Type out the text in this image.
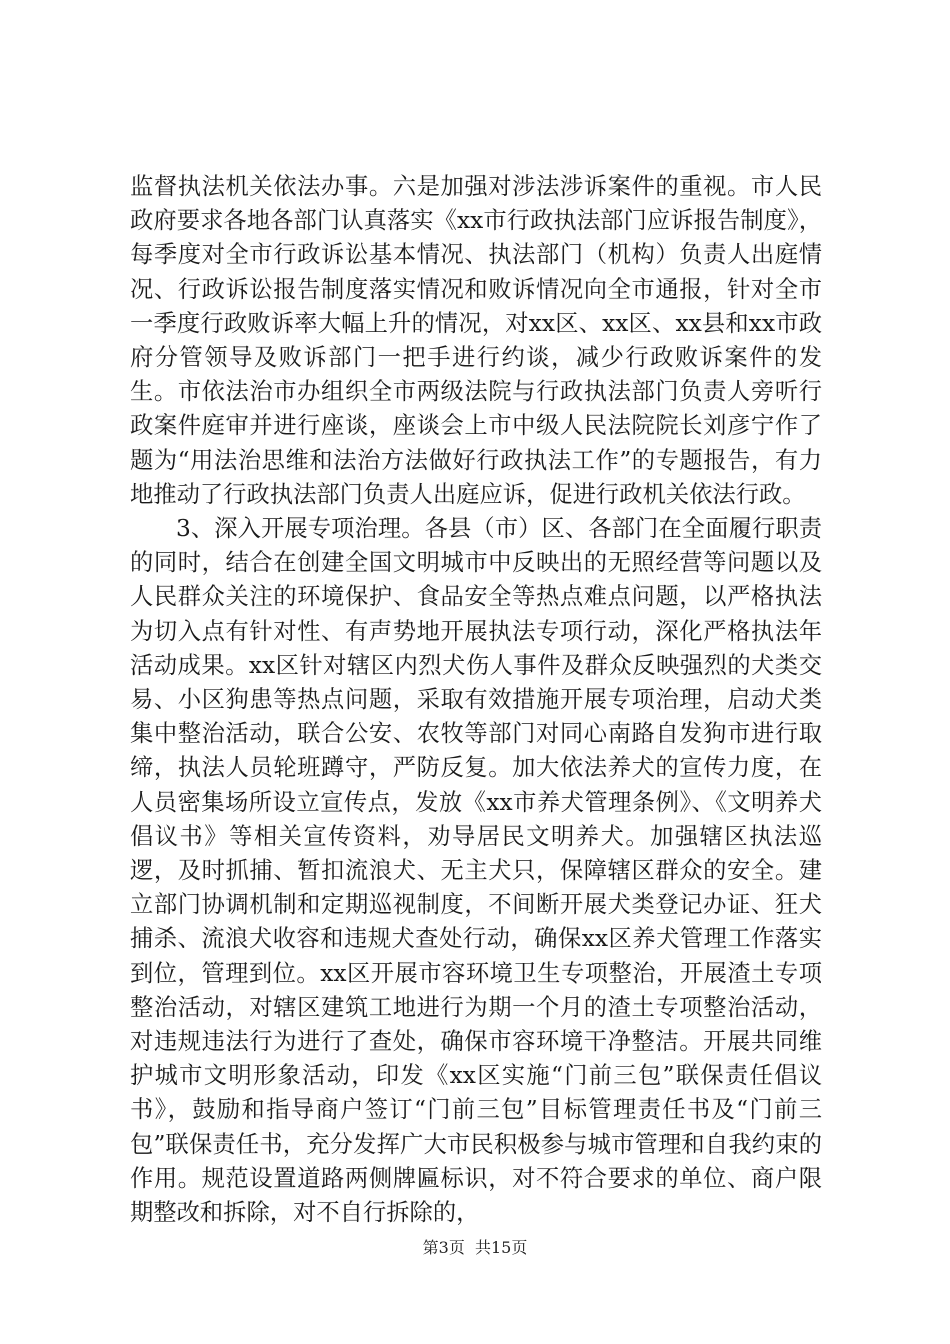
监督执法机关依法办事。六是加强对涉法涉诉案件的重视。市人民政府要求各地各部门认真落实《xx市行政执法部门应诉报告制度》，每季度对全市行政诉讼基本情况、执法部门（机构）负责人出庭情况、行政诉讼报告制度落实情况和败诉情况向全市通报，针对全市一季度行政败诉率大幅上升的情况，对xx区、xx区、xx县和xx市政府分管领导及败诉部门一把手进行约谈，减少行政败诉案件的发生。市依法治市办组织全市两级法院与行政执法部门负责人旁听行政案件庭审并进行座谈，座谈会上市中级人民法院院长刘彦宁作了题为“用法治思维和法治方法做好行政执法工作”的专题报告，有力地推动了行政执法部门负责人出庭应诉，促进行政机关依法行政。

3、深入开展专项治理。各县（市）区、各部门在全面履行职责的同时，结合在创建全国文明城市中反映出的无照经营等问题以及人民群众关注的环境保护、食品安全等热点难点问题，以严格执法为切入点有针对性、有声势地开展执法专项行动，深化严格执法年活动成果。xx区针对辖区内烈犬伤人事件及群众反映强烈的犬类交易、小区狗患等热点问题，采取有效措施开展专项治理，启动犬类集中整治活动，联合公安、农牧等部门对同心南路自发狗市进行取缔，执法人员轮班蹲守，严防反复。加大依法养犬的宣传力度，在人员密集场所设立宣传点，发放《xx市养犬管理条例》、《文明养犬倡议书》等相关宣传资料，劝导居民文明养犬。加强辖区执法巡逻，及时抓捕、暂扣流浪犬、无主犬只，保障辖区群众的安全。建立部门协调机制和定期巡视制度，不间断开展犬类登记办证、狂犬捕杀、流浪犬收容和违规犬查处行动，确保xx区养犬管理工作落实到位，管理到位。xx区开展市容环境卫生专项整治，开展渣土专项整治活动，对辖区建筑工地进行为期一个月的渣土专项整治活动，对违规违法行为进行了查处，确保市容环境干净整洁。开展共同维护城市文明形象活动，印发《xx区实施“门前三包”联保责任倡议书》，鼓励和指导商户签订“门前三包”目标管理责任书及“门前三包”联保责任书，充分发挥广大市民积极参与城市管理和自我约束的作用。规范设置道路两侧牌匾标识，对不符合要求的单位、商户限期整改和拆除，对不自行拆除的，

第3页  共15页
